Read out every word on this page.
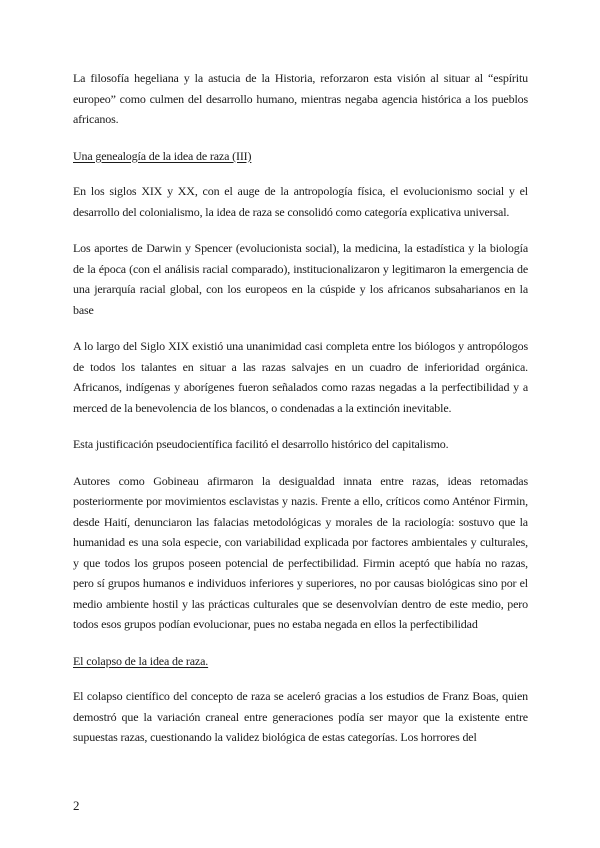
La filosofía hegeliana y la astucia de la Historia, reforzaron esta visión al situar al “espíritu europeo” como culmen del desarrollo humano, mientras negaba agencia histórica a los pueblos africanos.

Una genealogía de la idea de raza (III)

En los siglos XIX y XX, con el auge de la antropología física, el evolucionismo social y el desarrollo del colonialismo, la idea de raza se consolidó como categoría explicativa universal.

Los aportes de Darwin y Spencer (evolucionista social), la medicina, la estadística y la biología de la época (con el análisis racial comparado), institucionalizaron y legitimaron la emergencia de una jerarquía racial global, con los europeos en la cúspide y los africanos subsaharianos en la base

A lo largo del Siglo XIX existió una unanimidad casi completa entre los biólogos y antropólogos de todos los talantes en situar a las razas salvajes en un cuadro de inferioridad orgánica. Africanos, indígenas y aborígenes fueron señalados como razas negadas a la perfectibilidad y a merced de la benevolencia de los blancos, o condenadas a la extinción inevitable.

Esta justificación pseudocientífica facilitó el desarrollo histórico del capitalismo.

Autores como Gobineau afirmaron la desigualdad innata entre razas, ideas retomadas posteriormente por movimientos esclavistas y nazis. Frente a ello, críticos como Anténor Firmin, desde Haití, denunciaron las falacias metodológicas y morales de la raciología: sostuvo que la humanidad es una sola especie, con variabilidad explicada por factores ambientales y culturales, y que todos los grupos poseen potencial de perfectibilidad. Firmin aceptó que había no razas, pero sí grupos humanos e individuos inferiores y superiores, no por causas biológicas sino por el medio ambiente hostil y las prácticas culturales que se desenvolvían dentro de este medio, pero todos esos grupos podían evolucionar, pues no estaba negada en ellos la perfectibilidad

El colapso de la idea de raza.

El colapso científico del concepto de raza se aceleró gracias a los estudios de Franz Boas, quien demostró que la variación craneal entre generaciones podía ser mayor que la existente entre supuestas razas, cuestionando la validez biológica de estas categorías. Los horrores del

2
